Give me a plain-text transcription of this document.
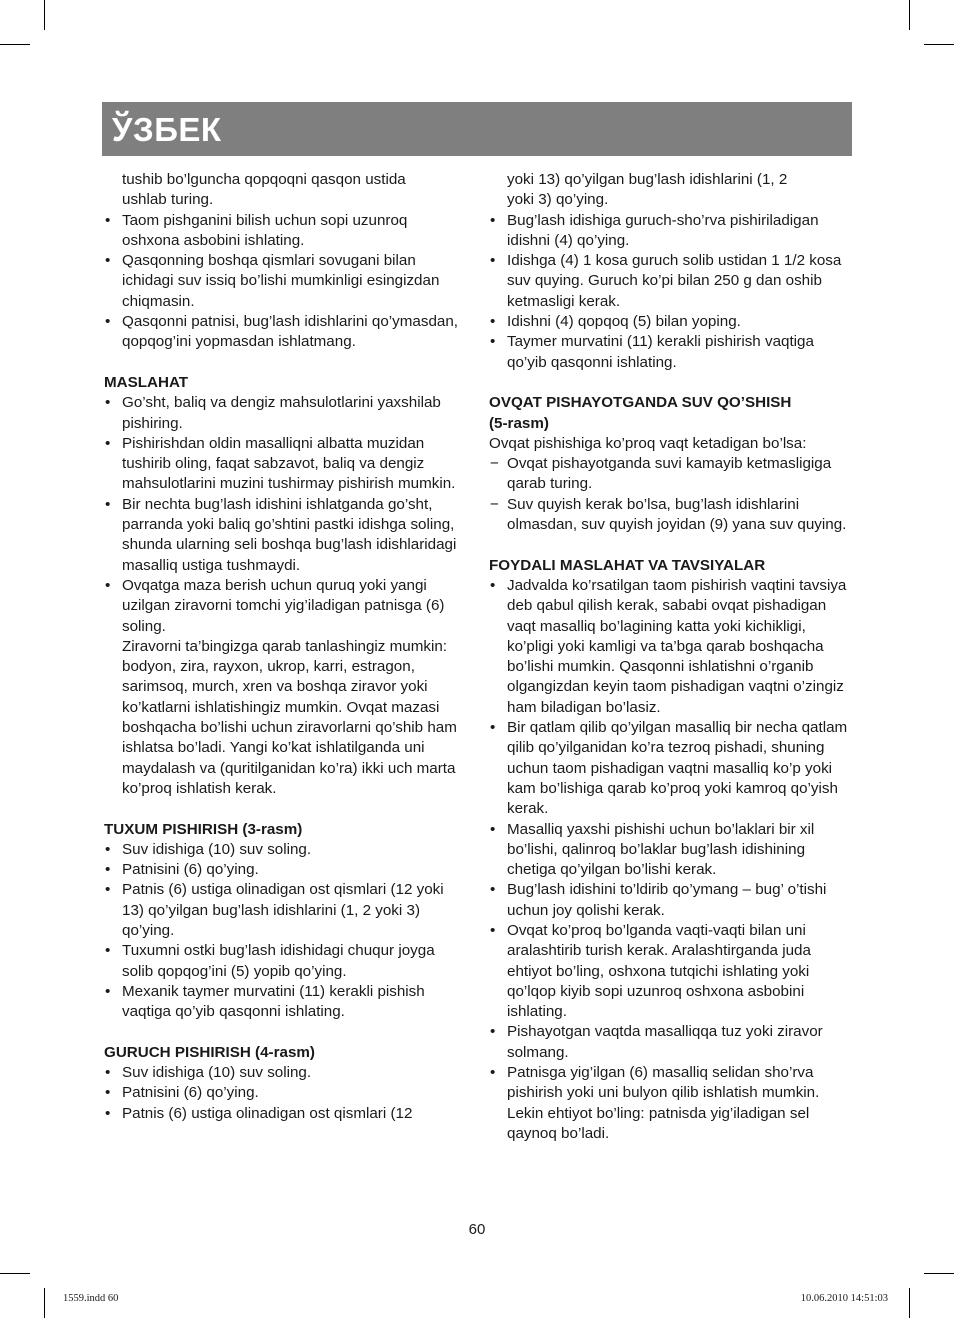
ЎЗБЕК

tushib bo’lguncha qopqoqni qasqon ustida

ushlab turing.

• Taom pishganini bilish uchun sopi uzunroq oshxona asbobini ishlating.
• Qasqonning boshqa qismlari sovugani bilan ichidagi suv issiq bo’lishi mumkinligi esingizdan chiqmasin.
• Qasqonni patnisi, bug’lash idishlarini qo’ymasdan, qopqog’ini yopmasdan ishlatmang.

MASLAHAT

• Go’sht, baliq va dengiz mahsulotlarini yaxshilab pishiring.
• Pishirishdan oldin masalliqni albatta muzidan tushirib oling, faqat sabzavot, baliq va dengiz mahsulotlarini muzini tushirmay pishirish mumkin.
• Bir nechta bug’lash idishini ishlatganda go’sht, parranda yoki baliq go’shtini pastki idishga soling, shunda ularning seli boshqa bug’lash idishlaridagi masalliq ustiga tushmaydi.
• Ovqatga maza berish uchun quruq yoki yangi uzilgan ziravorni tomchi yig’iladigan patnisga (6) soling.
Ziravorni ta’bingizga qarab tanlashingiz mumkin: bodyon, zira, rayxon, ukrop, karri, estragon, sarimsoq, murch, xren va boshqa ziravor yoki ko’katlarni ishlatishingiz mumkin. Ovqat mazasi boshqacha bo’lishi uchun ziravorlarni qo’shib ham ishlatsa bo’ladi. Yangi ko’kat ishlatilganda uni maydalash va (quritilganidan ko’ra) ikki uch marta ko’proq ishlatish kerak.

TUXUM PISHIRISH (3-rasm)

• Suv idishiga (10) suv soling.
• Patnisini (6) qo’ying.
• Patnis (6) ustiga olinadigan ost qismlari (12 yoki 13) qo’yilgan bug’lash idishlarini (1, 2 yoki 3) qo’ying.
• Tuxumni ostki bug’lash idishidagi chuqur joyga solib qopqog’ini (5) yopib qo’ying.
• Mexanik taymer murvatini (11) kerakli pishish vaqtiga qo’yib qasqonni ishlating.

GURUCH PISHIRISH (4-rasm)

• Suv idishiga (10) suv soling.
• Patnisini (6) qo’ying.
• Patnis (6) ustiga olinadigan ost qismlari (12

yoki 13) qo’yilgan bug’lash idishlarini (1, 2

yoki 3) qo’ying.

• Bug’lash idishiga guruch-sho’rva pishiriladigan idishni (4) qo’ying.
• Idishga (4) 1 kosa guruch solib ustidan 1 1/2 kosa suv quying. Guruch ko’pi bilan 250 g dan oshib ketmasligi kerak.
• Idishni (4) qopqoq (5) bilan yoping.
• Taymer murvatini (11) kerakli pishirish vaqtiga qo’yib qasqonni ishlating.

OVQAT PISHAYOTGANDA SUV QO’SHISH

(5-rasm)

Ovqat pishishiga ko’proq vaqt ketadigan bo’lsa:

− Ovqat pishayotganda suvi kamayib ketmasligiga qarab turing.
− Suv quyish kerak bo’lsa, bug’lash idishlarini olmasdan, suv quyish joyidan (9) yana suv quying.

FOYDALI MASLAHAT VA TAVSIYALAR

• Jadvalda ko’rsatilgan taom pishirish vaqtini tavsiya deb qabul qilish kerak, sababi ovqat pishadigan vaqt masalliq bo’lagining katta yoki kichikligi, ko’pligi yoki kamligi va ta’bga qarab boshqacha bo’lishi mumkin. Qasqonni ishlatishni o’rganib olgangizdan keyin taom pishadigan vaqtni o’zingiz ham biladigan bo’lasiz.
• Bir qatlam qilib qo’yilgan masalliq bir necha qatlam qilib qo’yilganidan ko’ra tezroq pishadi, shuning uchun taom pishadigan vaqtni masalliq ko’p yoki kam bo’lishiga qarab ko’proq yoki kamroq qo’yish kerak.
• Masalliq yaxshi pishishi uchun bo’laklari bir xil bo’lishi, qalinroq bo’laklar bug’lash idishining chetiga qo’yilgan bo’lishi kerak.
• Bug’lash idishini to’ldirib qo’ymang – bug’ o’tishi uchun joy qolishi kerak.
• Ovqat ko’proq bo’lganda vaqti-vaqti bilan uni aralashtirib turish kerak. Aralashtirganda juda ehtiyot bo’ling, oshxona tutqichi ishlating yoki qo’lqop kiyib sopi uzunroq oshxona asbobini ishlating.
• Pishayotgan vaqtda masalliqqa tuz yoki ziravor solmang.
• Patnisga yig’ilgan (6) masalliq selidan sho’rva pishirish yoki uni bulyon qilib ishlatish mumkin. Lekin ehtiyot bo’ling: patnisda yig’iladigan sel qaynoq bo’ladi.
60
1559.indd 60	10.06.2010 14:51:03
